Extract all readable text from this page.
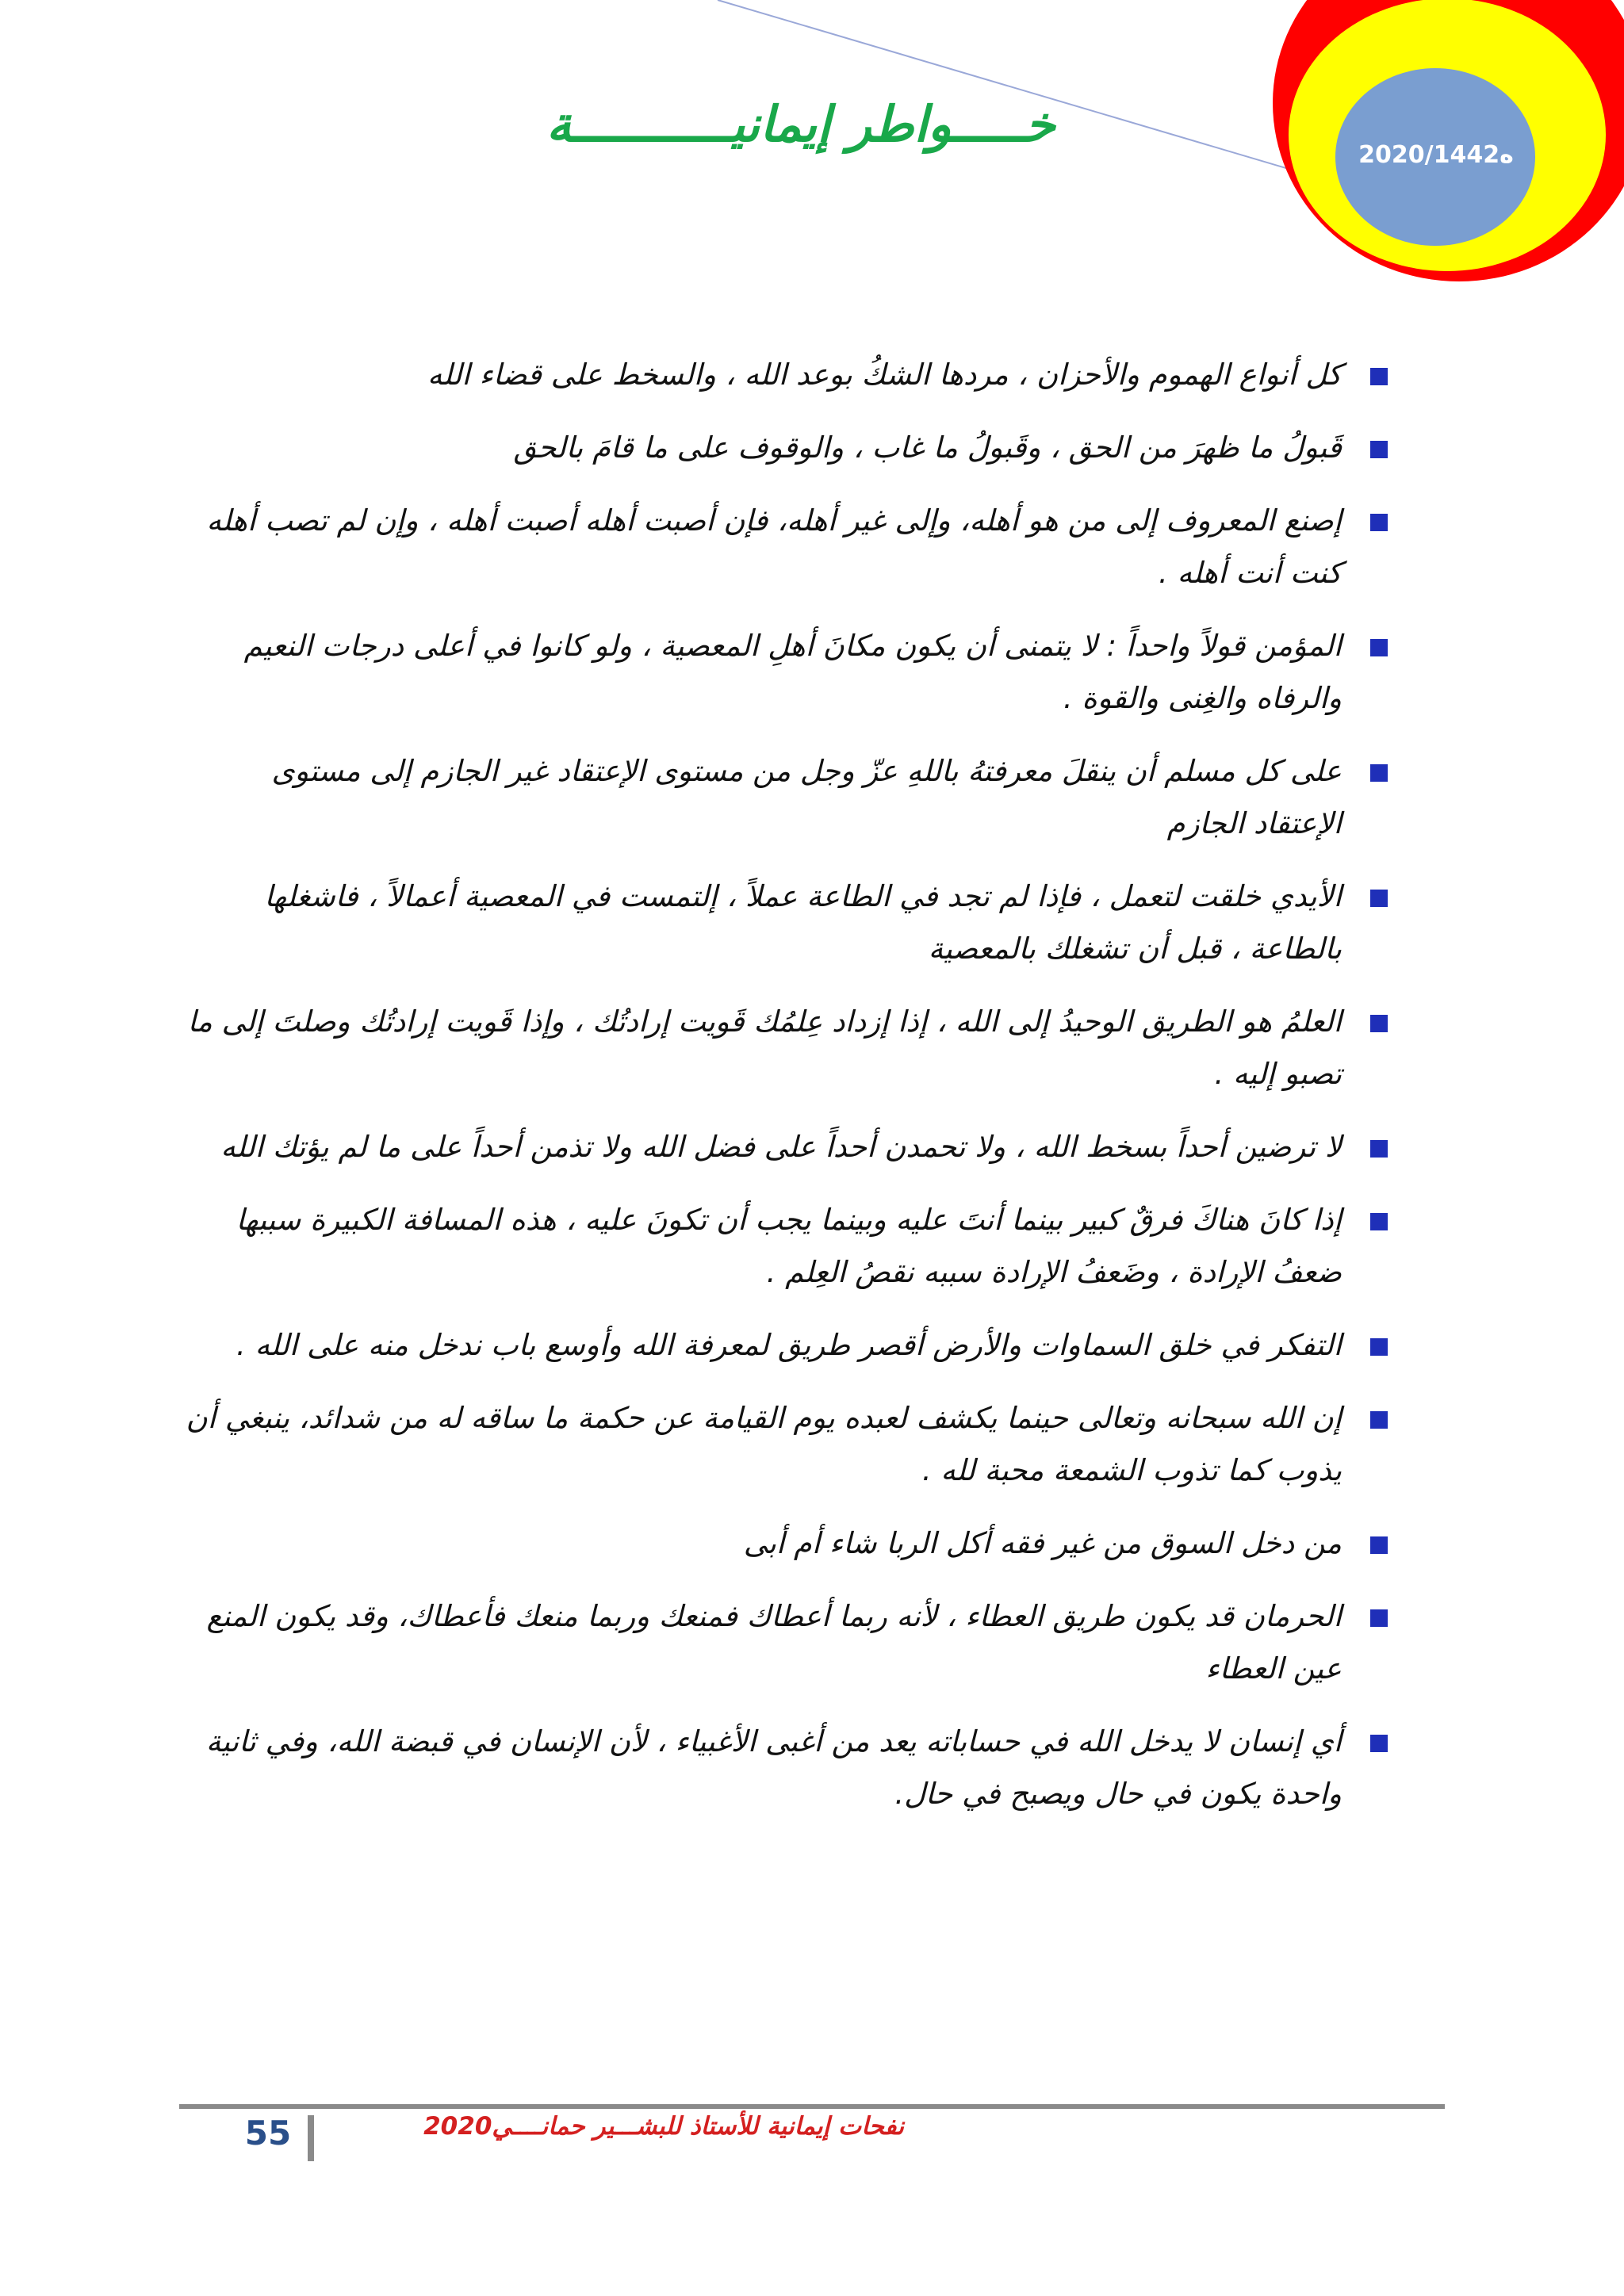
خـــــواطر إيمانيـــــــــــة
2020/ه1442
كل أنواع الهموم والأحزان ، مردها الشكُ بوعد الله ، والسخط على قضاء الله
قَبولُ ما ظهرَ من الحق ، وقَبولُ ما غاب ، والوقوف على ما قامَ بالحق
إصنع المعروف إلى من هو أهله، وإلى غير أهله، فإن أصبت أهله أصبت أهله ، وإن لم تصب أهله كنت أنت أهله .
المؤمن قولاً واحداً : لا يتمنى أن يكون مكانَ أهلِ المعصية ، ولو كانوا في أعلى درجات النعيم والرفاه والغِنى والقوة .
على كل مسلم أن ينقلَ معرفتهُ باللهِ عزّ وجل من مستوى الإعتقاد غير الجازم إلى مستوى الإعتقاد الجازم
الأيدي خلقت لتعمل ، فإذا لم تجد في الطاعة عملاً ، إلتمست في المعصية أعمالاً ، فاشغلها بالطاعة ، قبل أن تشغلك بالمعصية
العلمُ هو الطريق الوحيدُ إلى الله ، إذا إزداد عِلمُك قَويت إرادتُك ، وإذا قَويت إرادتُك وصلتَ إلى ما تصبو إليه .
لا ترضين أحداً بسخط الله ، ولا تحمدن أحداً على فضل الله ولا تذمن أحداً على ما لم يؤتك الله
إذا كانَ هناكَ فرقٌ كبير بينما أنتَ عليه وبينما يجب أن تكونَ عليه ، هذه المسافة الكبيرة سببها ضعفُ الإرادة ، وضَعفُ الإرادة سببه نقصُ العِلم .
التفكر في خلق السماوات والأرض أقصر طريق لمعرفة الله وأوسع باب ندخل منه على الله .
إن الله سبحانه وتعالى حينما يكشف لعبده يوم القيامة عن حكمة ما ساقه له من شدائد، ينبغي أن يذوب كما تذوب الشمعة محبة لله .
من دخل السوق من غير فقه أكل الربا شاء أم أبى
الحرمان قد يكون طريق العطاء ، لأنه ربما أعطاك فمنعك وربما منعك فأعطاك، وقد يكون المنع عين العطاء
أي إنسان لا يدخل الله في حساباته يعد من أغبى الأغبياء ، لأن الإنسان في قبضة الله، وفي ثانية واحدة يكون في حال ويصبح في حال.
55	نفحات إيمانية للأستاذ للبشـــير حمانــــي2020
